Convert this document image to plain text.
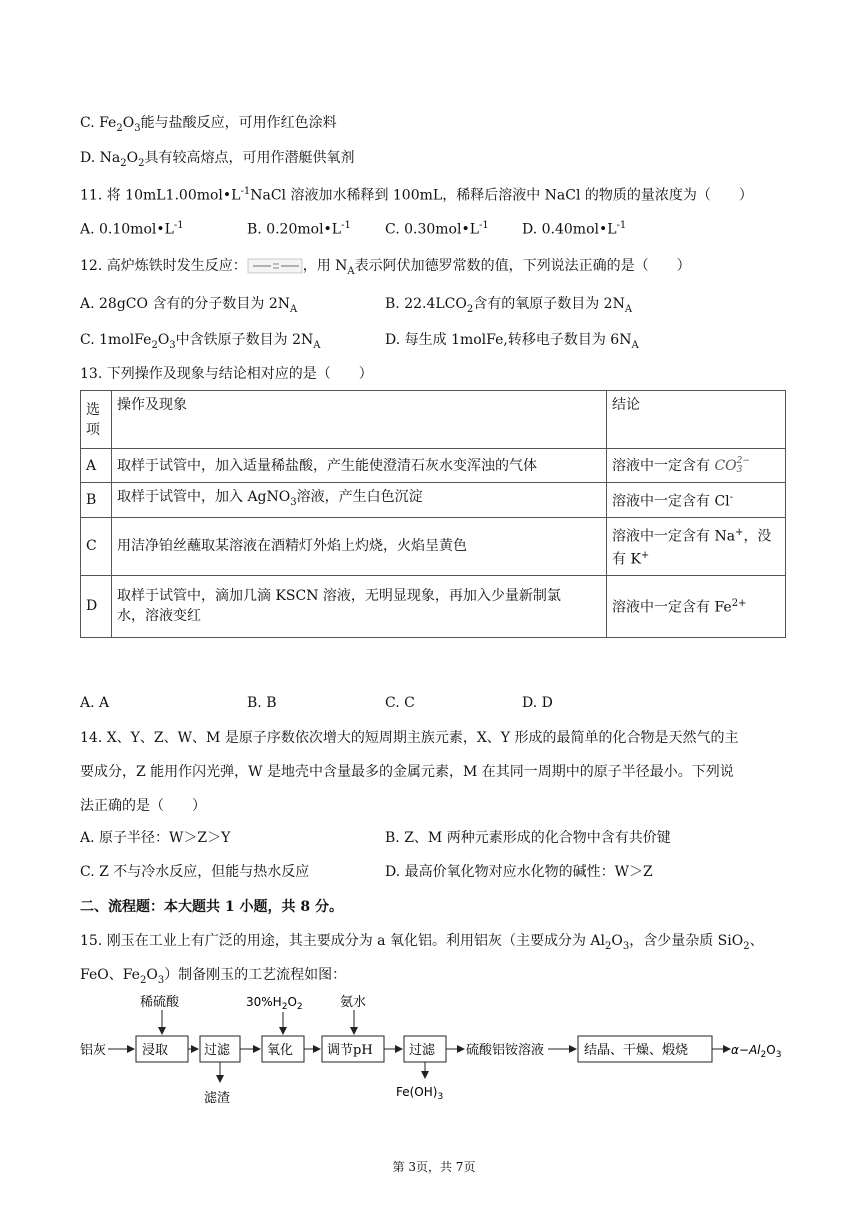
C. $Fe_2O_3$能与盐酸反应，可用作红色涂料
D. $Na_2O_2$具有较高熔点，可用作潜艇供氧剂
11. 将 $10mL1.00mol•L^{-1}NaCl$ 溶液加水稀释到 100mL，稀释后溶液中 NaCl 的物质的量浓度为（　　）
A. $0.10mol•L^{-1}$	B. $0.20mol•L^{-1}$ C. $0.30mol•L^{-1}$ D. $0.40mol•L^{-1}$
12. 高炉炼铁时发生反应：	，用 $N_A$表示阿伏加德罗常数的值，下列说法正确的是（　　）
A. 28gCO 含有的分子数目为 $2N_A$	B. $22.4LCO_2$含有的氧原子数目为 $2N_A$
C. $1molFe_2O_3$中含铁原子数目为 $2N_A$	D. 每生成 1molFe,转移电子数目为 $6N_A$
13. 下列操作及现象与结论相对应的是（　　）
选
项	操作及现象	结论
A	取样于试管中，加入适量稀盐酸，产生能使澄清石灰水变浑浊的气体	溶液中一定含有 CO2−
3
B	取样于试管中，加入 AgNO$_3$溶液，产生白色沉淀	溶液中一定含有 Cl-
C	用洁净铂丝蘸取某溶液在酒精灯外焰上灼烧，火焰呈黄色	溶液中一定含有 Na+，没
有 K+
D	取样于试管中，滴加几滴 KSCN 溶液，无明显现象，再加入少量新制氯
水，溶液变红	溶液中一定含有 $Fe^{2+}$
A. A	B. B	C. C	D. D
14. X、Y、Z、W、M 是原子序数依次增大的短周期主族元素，X、Y 形成的最简单的化合物是天然气的主
要成分，Z 能用作闪光弹，W 是地壳中含量最多的金属元素，M 在其同一周期中的原子半径最小。下列说
法正确的是（　　）
A. 原子半径：W＞Z＞Y	B. Z、M 两种元素形成的化合物中含有共价键
C. Z 不与冷水反应，但能与热水反应	D. 最高价氧化物对应水化物的碱性：W＞Z
二、流程题：本大题共 1 小题，共 8 分。
15. 刚玉在工业上有广泛的用途，其主要成分为 a 氧化铝。利用铝灰（主要成分为 $Al_2O_3$，含少量杂质 SiO$_2$、
FeO、$Fe_2O_3$）制备刚玉的工艺流程如图：
铝灰
稀硫酸
浸取	过滤
滤渣
$30\%H_2O_2$
氧化
氨水
调节pH	过滤
$Fe(OH)_3$
硫酸铝铵溶液	结晶、干燥、煅烧	$\alpha-Al_2O_3$
第 3页，共 7页
